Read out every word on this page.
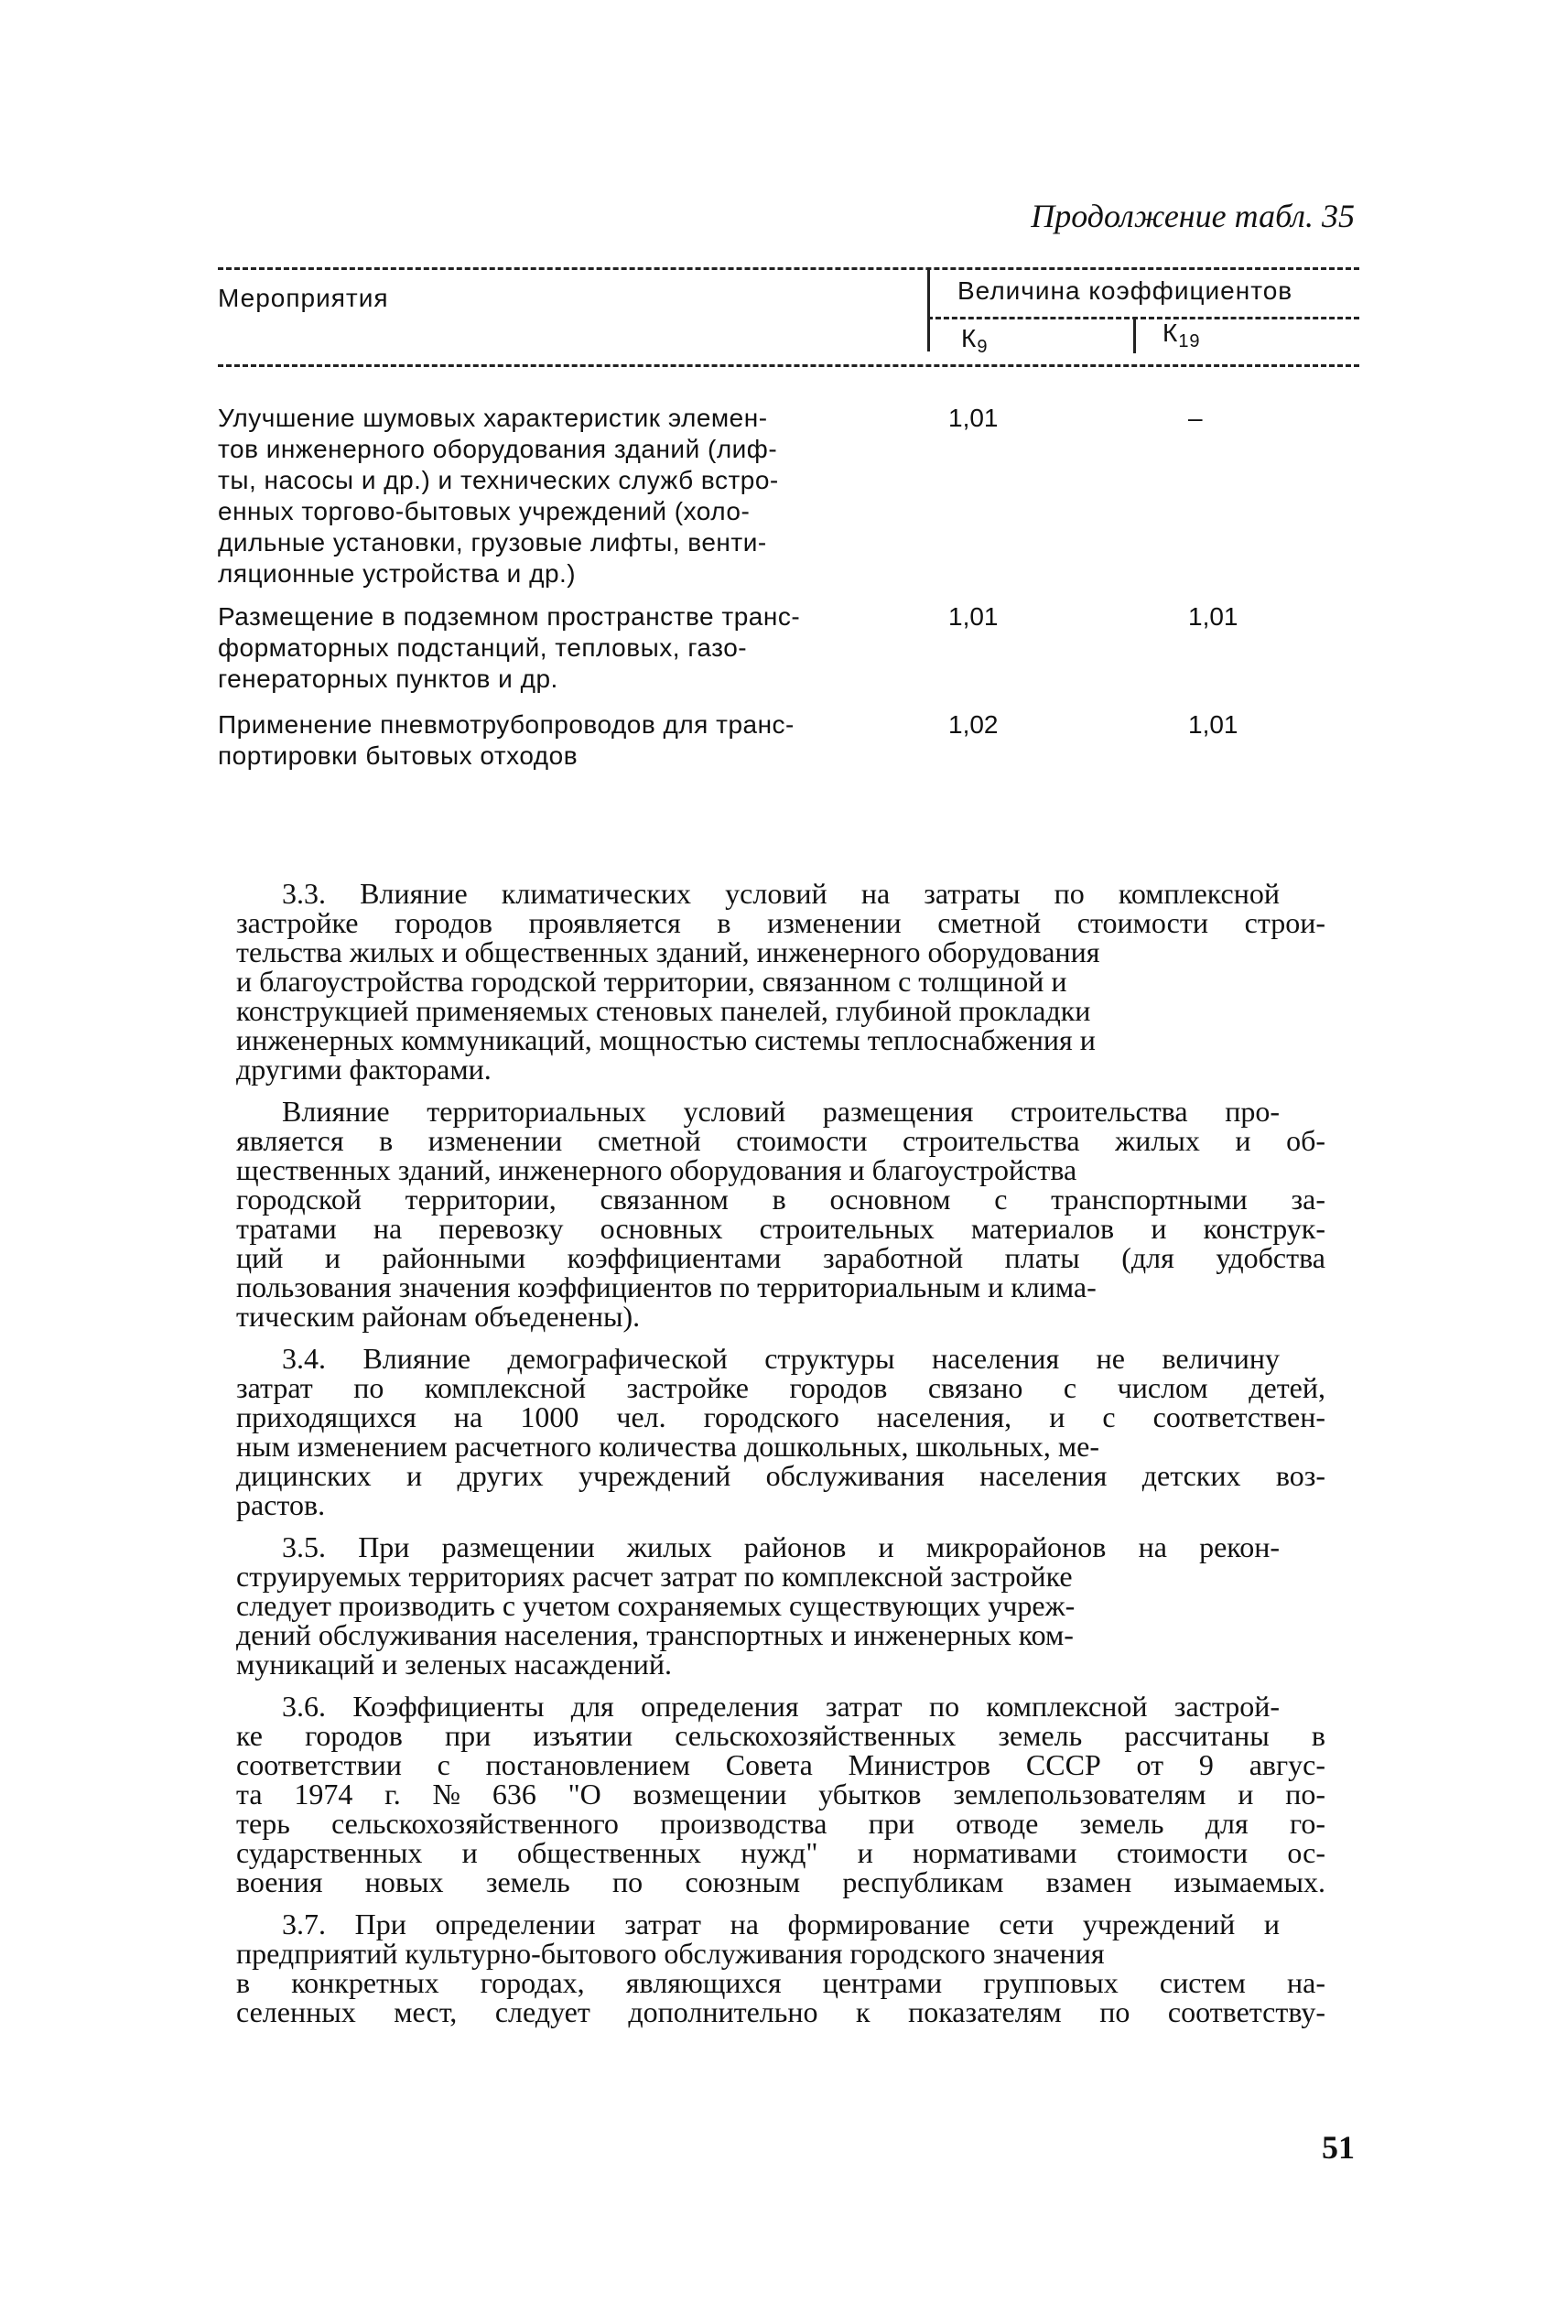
Продолжение табл. 35
Мероприятия	Величина коэффициентов
$К_9$	$К_{19}$
Улучшение шумовых характеристик элемен-
тов инженерного оборудования зданий (лиф-
ты, насосы и др.) и технических служб встро-
енных торгово-бытовых учреждений (холо-
дильные установки, грузовые лифты, венти-
ляционные устройства и др.)
1,01	–
Размещение в подземном пространстве транс-
форматорных подстанций, тепловых, газо-
генераторных пунктов и др.
1,01	1,01
Применение пневмотрубопроводов для транс-
портировки бытовых отходов
1,02	1,01
3.3. Влияние климатических условий на затраты по комплексной
застройке городов проявляется в изменении сметной стоимости строи-
тельства жилых и общественных зданий, инженерного оборудования
и благоустройства городской территории, связанном с толщиной и
конструкцией применяемых стеновых панелей, глубиной прокладки
инженерных коммуникаций, мощностью системы теплоснабжения и
другими факторами.
Влияние территориальных условий размещения строительства про-
является в изменении сметной стоимости строительства жилых и об-
щественных зданий, инженерного оборудования и благоустройства
городской территории, связанном в основном с транспортными за-
тратами на перевозку основных строительных материалов и конструк-
ций и районными коэффициентами заработной платы (для удобства
пользования значения коэффициентов по территориальным и клима-
тическим районам объеденены).
3.4. Влияние демографической структуры населения не величину
затрат по комплексной застройке городов связано с числом детей,
приходящихся на 1000 чел. городского населения, и с соответствен-
ным изменением расчетного количества дошкольных, школьных, ме-
дицинских и других учреждений обслуживания населения детских воз-
растов.
3.5. При размещении жилых районов и микрорайонов на рекон-
струируемых территориях расчет затрат по комплексной застройке
следует производить с учетом сохраняемых существующих учреж-
дений обслуживания населения, транспортных и инженерных ком-
муникаций и зеленых насаждений.
3.6. Коэффициенты для определения затрат по комплексной застрой-
ке городов при изъятии сельскохозяйственных земель рассчитаны в
соответствии с постановлением Совета Министров СССР от 9 авгус-
та 1974 г. № 636 "О возмещении убытков землепользователям и по-
терь сельскохозяйственного производства при отводе земель для го-
сударственных и общественных нужд" и нормативами стоимости ос-
воения новых земель по союзным республикам взамен изымаемых.
3.7. При определении затрат на формирование сети учреждений и
предприятий культурно-бытового обслуживания городского значения
в конкретных городах, являющихся центрами групповых систем на-
селенных мест, следует дополнительно к показателям по соответству-
51
